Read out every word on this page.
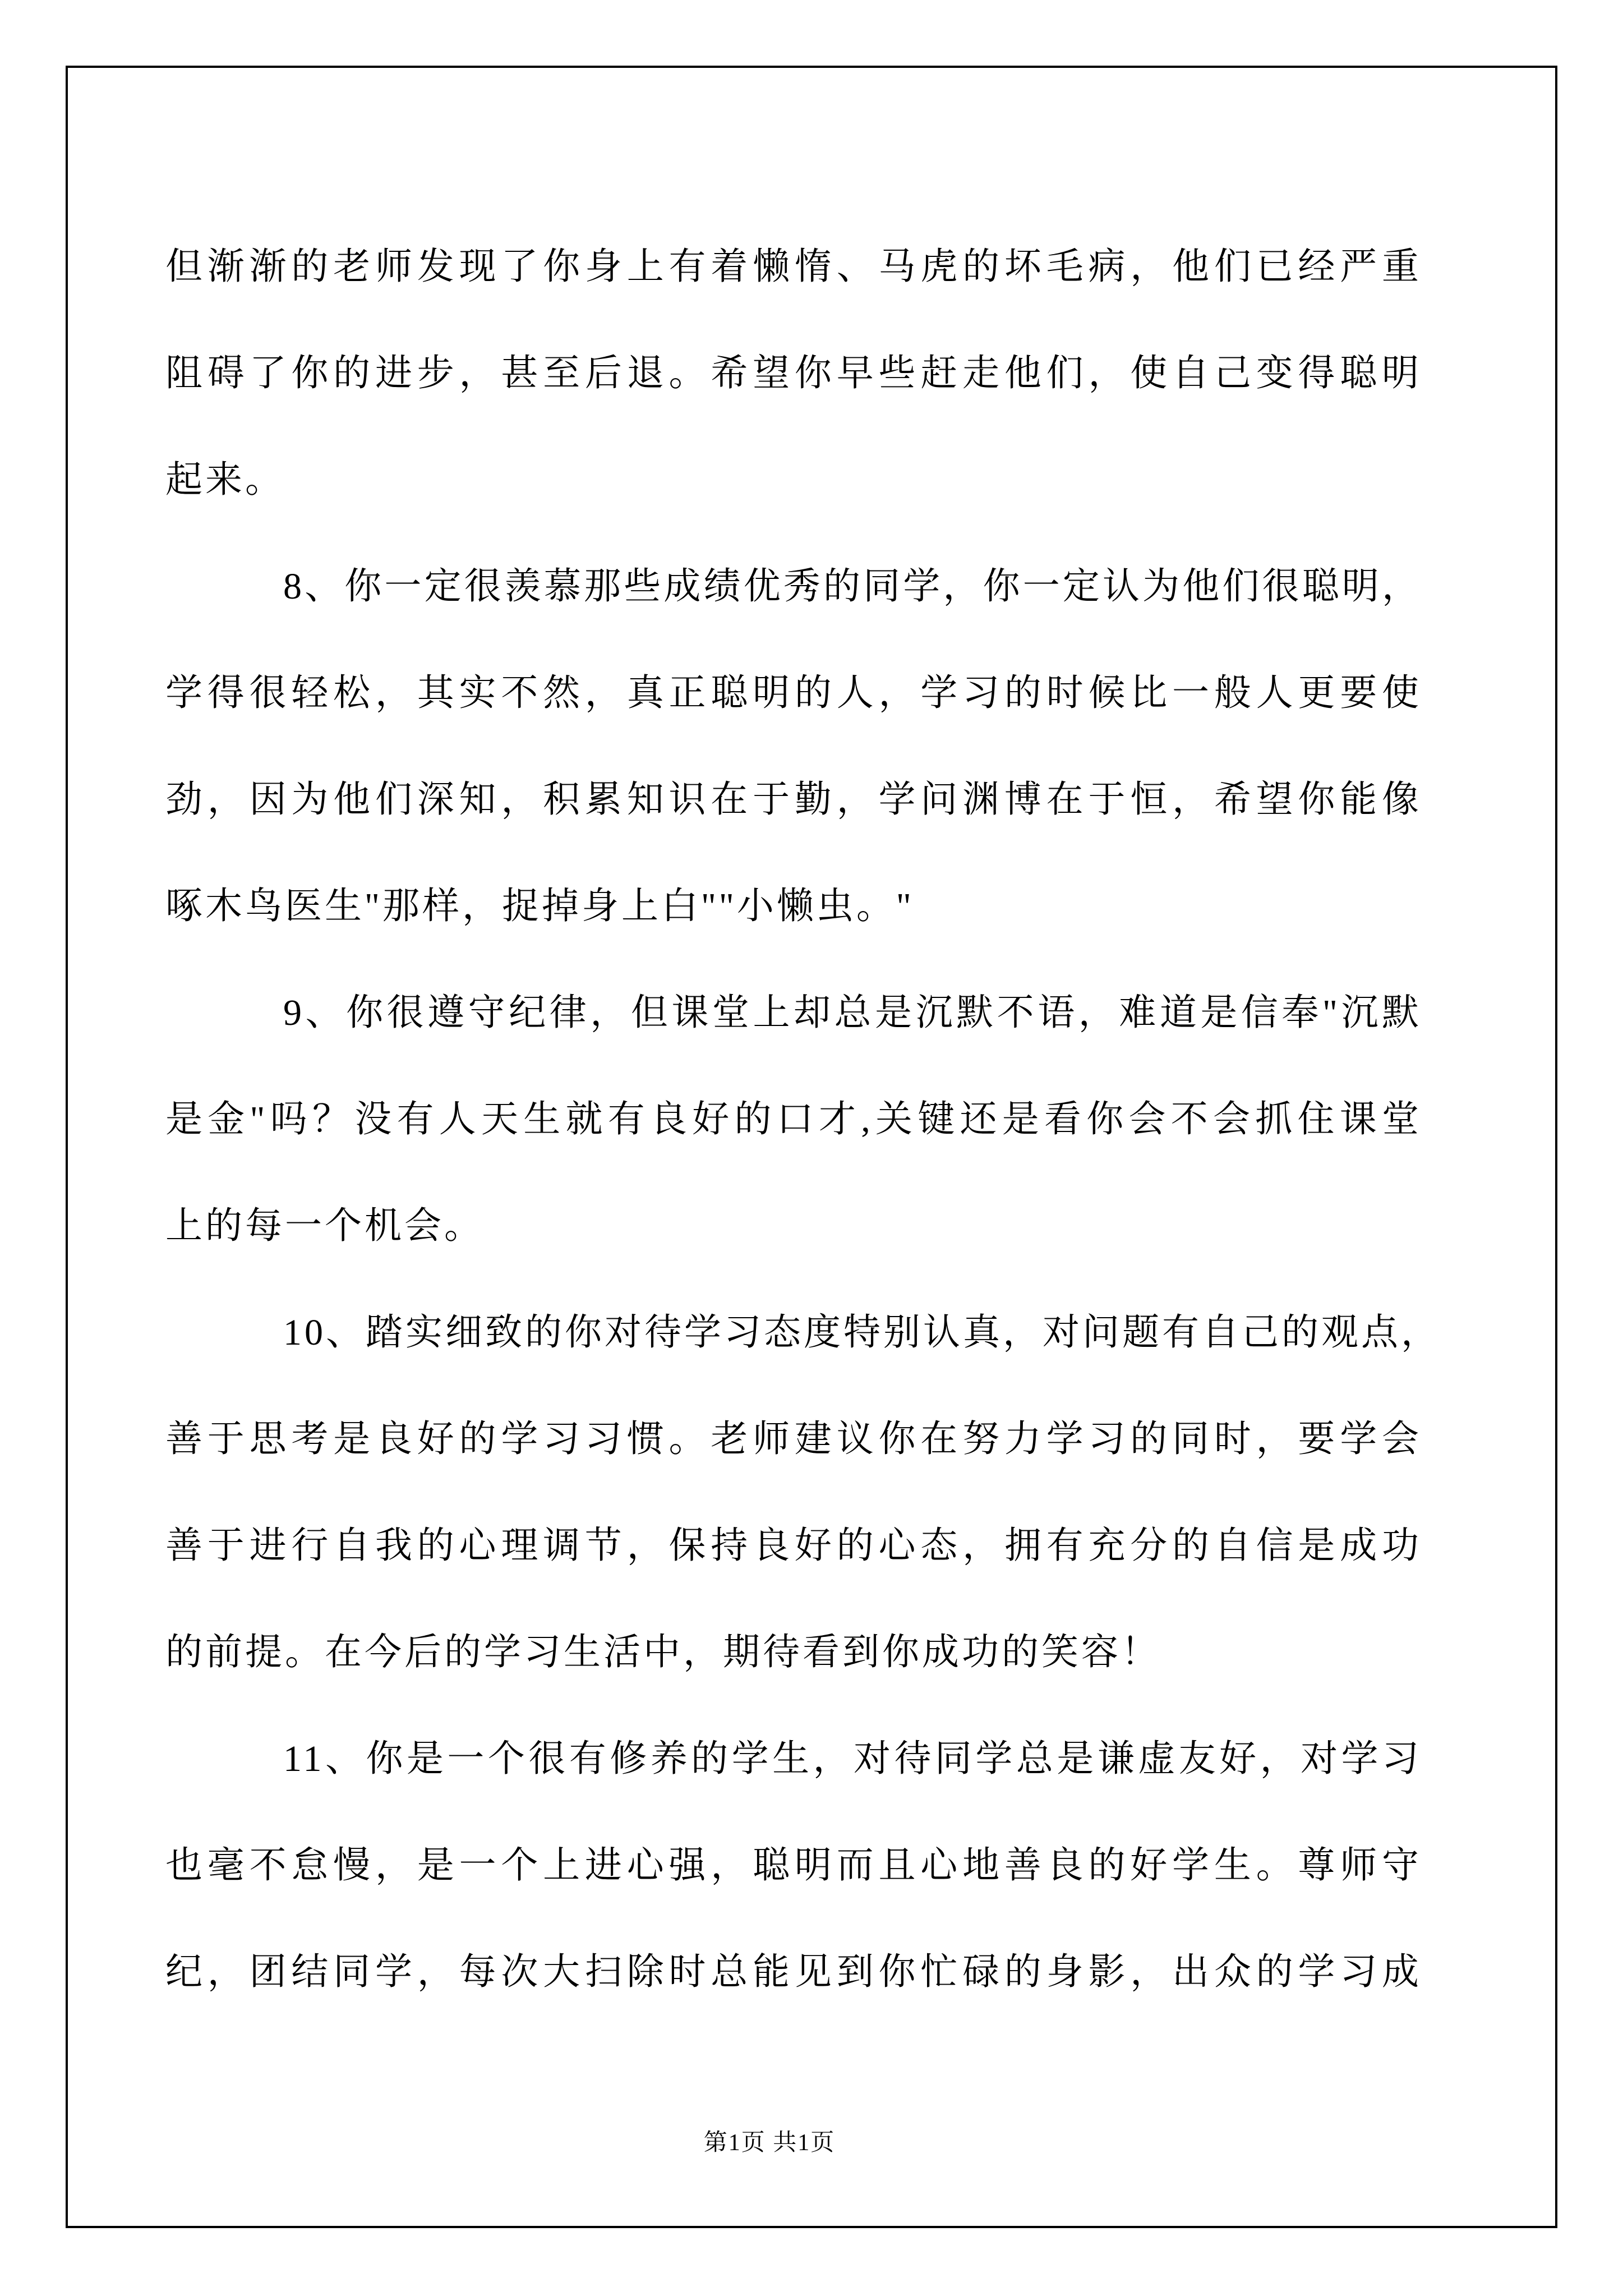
但渐渐的老师发现了你身上有着懒惰、马虎的坏毛病，他们已经严重
阻碍了你的进步，甚至后退。希望你早些赶走他们，使自己变得聪明
起来。
8、你一定很羡慕那些成绩优秀的同学，你一定认为他们很聪明，
学得很轻松，其实不然，真正聪明的人，学习的时候比一般人更要使
劲，因为他们深知，积累知识在于勤，学问渊博在于恒，希望你能像
啄木鸟医生"那样，捉掉身上白""小懒虫。"
9、你很遵守纪律，但课堂上却总是沉默不语，难道是信奉"沉默
是金"吗？没有人天生就有良好的口才,关键还是看你会不会抓住课堂
上的每一个机会。
10、踏实细致的你对待学习态度特别认真，对问题有自己的观点，
善于思考是良好的学习习惯。老师建议你在努力学习的同时，要学会
善于进行自我的心理调节，保持良好的心态，拥有充分的自信是成功
的前提。在今后的学习生活中，期待看到你成功的笑容！
11、你是一个很有修养的学生，对待同学总是谦虚友好，对学习
也毫不怠慢，是一个上进心强，聪明而且心地善良的好学生。尊师守
纪，团结同学，每次大扫除时总能见到你忙碌的身影，出众的学习成
第1页 共1页
